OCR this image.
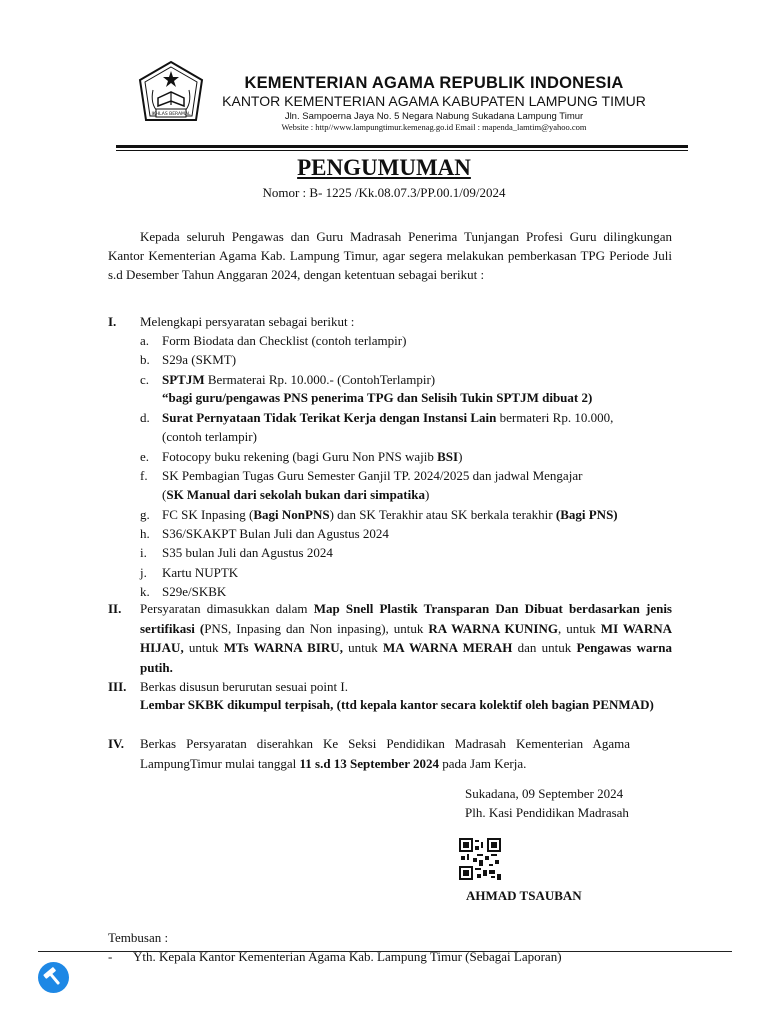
IKHLAS BERAMAL
KEMENTERIAN AGAMA REPUBLIK INDONESIA
KANTOR KEMENTERIAN AGAMA KABUPATEN LAMPUNG TIMUR
Jln. Sampoerna Jaya No. 5 Negara Nabung Sukadana Lampung Timur
Website : http//www.lampungtimur.kemenag.go.id Email : mapenda_lamtim@yahoo.com
PENGUMUMAN
Nomor : B- 1225 /Kk.08.07.3/PP.00.1/09/2024
Kepada seluruh Pengawas dan Guru Madrasah Penerima Tunjangan Profesi Guru dilingkungan Kantor Kementerian Agama Kab. Lampung Timur, agar segera melakukan pemberkasan TPG Periode Juli s.d Desember Tahun Anggaran 2024, dengan ketentuan sebagai berikut :
I. Melengkapi persyaratan sebagai berikut :
a. Form Biodata dan Checklist (contoh terlampir)
b. S29a (SKMT)
c. SPTJM Bermaterai Rp. 10.000.- (ContohTerlampir)
“bagi guru/pengawas PNS penerima TPG dan Selisih Tukin SPTJM dibuat 2)
d. Surat Pernyataan Tidak Terikat Kerja dengan Instansi Lain bermateri Rp. 10.000,
(contoh terlampir)
e. Fotocopy buku rekening (bagi Guru Non PNS wajib BSI)
f. SK Pembagian Tugas Guru Semester Ganjil TP. 2024/2025 dan jadwal Mengajar
(SK Manual dari sekolah bukan dari simpatika)
g. FC SK Inpasing (Bagi NonPNS) dan SK Terakhir atau SK berkala terakhir (Bagi PNS)
h. S36/SKAKPT Bulan Juli dan Agustus 2024
i. S35 bulan Juli dan Agustus 2024
j. Kartu NUPTK
k. S29e/SKBK
II. Persyaratan dimasukkan dalam Map Snell Plastik Transparan Dan Dibuat berdasarkan jenis sertifikasi (PNS, Inpasing dan Non inpasing), untuk RA WARNA KUNING, untuk MI WARNA HIJAU, untuk MTs WARNA BIRU, untuk MA WARNA MERAH dan untuk Pengawas warna putih.
III. Berkas disusun berurutan sesuai point I.
Lembar SKBK dikumpul terpisah, (ttd kepala kantor secara kolektif oleh bagian PENMAD)
IV. Berkas Persyaratan diserahkan Ke Seksi Pendidikan Madrasah Kementerian Agama LampungTimur mulai tanggal 11 s.d 13 September 2024 pada Jam Kerja.
Sukadana, 09 September 2024
Plh. Kasi Pendidikan Madrasah
AHMAD TSAUBAN
Tembusan :
- Yth. Kepala Kantor Kementerian Agama Kab. Lampung Timur (Sebagai Laporan)
